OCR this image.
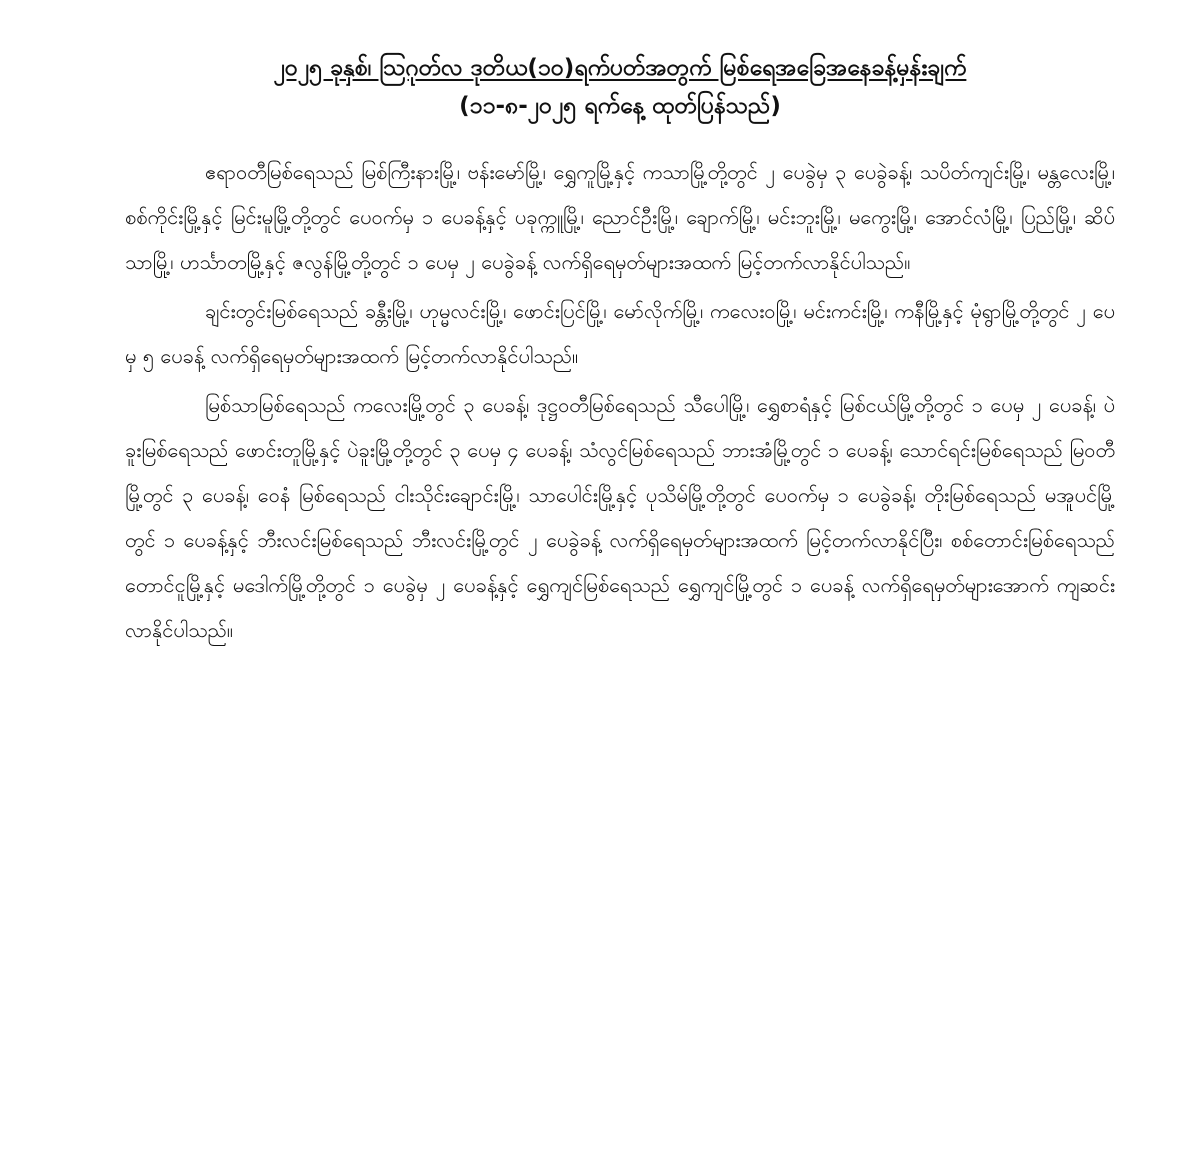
၂၀၂၅ ခုနှစ်၊ ဩဂုတ်လ ဒုတိယ(၁၀)ရက်ပတ်အတွက် မြစ်ရေအခြေအနေခန့်မှန်းချက်
(၁၁-၈-၂၀၂၅ ရက်နေ့ ထုတ်ပြန်သည်)

ဧရာဝတီမြစ်ရေသည် မြစ်ကြီးနားမြို့၊ ဗန်းမော်မြို့၊ ရွှေကူမြို့နှင့် ကသာမြို့တို့တွင် ၂ ပေခွဲမှ ၃ ပေခွဲခန့်၊ သပိတ်ကျင်းမြို့၊ မန္တလေးမြို့၊ စစ်ကိုင်းမြို့နှင့် မြင်းမူမြို့တို့တွင် ပေဝက်မှ ၁ ပေခန့်နှင့် ပခုက္ကူမြို့၊ ညောင်ဦးမြို့၊ ချောက်မြို့၊ မင်းဘူးမြို့၊ မကွေးမြို့၊ အောင်လံမြို့၊ ပြည်မြို့၊ ဆိပ်သာမြို့၊ ဟင်္သာတမြို့နှင့် ဇလွန်မြို့တို့တွင် ၁ ပေမှ ၂ ပေခွဲခန့် လက်ရှိရေမှတ်များအထက် မြင့်တက်လာနိုင်ပါသည်။

ချင်းတွင်းမြစ်ရေသည် ခန္တီးမြို့၊ ဟုမ္မလင်းမြို့၊ ဖောင်းပြင်မြို့၊ မော်လိုက်မြို့၊ ကလေးဝမြို့၊ မင်းကင်းမြို့၊ ကနီမြို့နှင့် မုံရွာမြို့တို့တွင် ၂ ပေမှ ၅ ပေခန့် လက်ရှိရေမှတ်များအထက် မြင့်တက်လာနိုင်ပါသည်။

မြစ်သာမြစ်ရေသည် ကလေးမြို့တွင် ၃ ပေခန့်၊ ဒုဋ္ဌဝတီမြစ်ရေသည် သီပေါမြို့၊ ရွှေစာရံနှင့် မြစ်ငယ်မြို့တို့တွင် ၁ ပေမှ ၂ ပေခန့်၊ ပဲခူးမြစ်ရေသည် ဖောင်းတူမြို့နှင့် ပဲခူးမြို့တို့တွင် ၃ ပေမှ ၄ ပေခန့်၊ သံလွင်မြစ်ရေသည် ဘားအံမြို့တွင် ၁ ပေခန့်၊ သောင်ရင်းမြစ်ရေသည် မြဝတီမြို့တွင် ၃ ပေခန့်၊ ဝေနံ မြစ်ရေသည် ငါးသိုင်းချောင်းမြို့၊ သာပေါင်းမြို့နှင့် ပုသိမ်မြို့တို့တွင် ပေဝက်မှ ၁ ပေခွဲခန့်၊ တိုးမြစ်ရေသည် မအူပင်မြို့တွင် ၁ ပေခန့်နှင့် ဘီးလင်းမြစ်ရေသည် ဘီးလင်းမြို့တွင် ၂ ပေခွဲခန့် လက်ရှိရေမှတ်များအထက် မြင့်တက်လာနိုင်ပြီး၊ စစ်တောင်းမြစ်ရေသည် တောင်ငူမြို့နှင့် မဒေါက်မြို့တို့တွင် ၁ ပေခွဲမှ ၂ ပေခန့်နှင့် ရွှေကျင်မြစ်ရေသည် ရွှေကျင်မြို့တွင် ၁ ပေခန့် လက်ရှိရေမှတ်များအောက် ကျဆင်းလာနိုင်ပါသည်။
